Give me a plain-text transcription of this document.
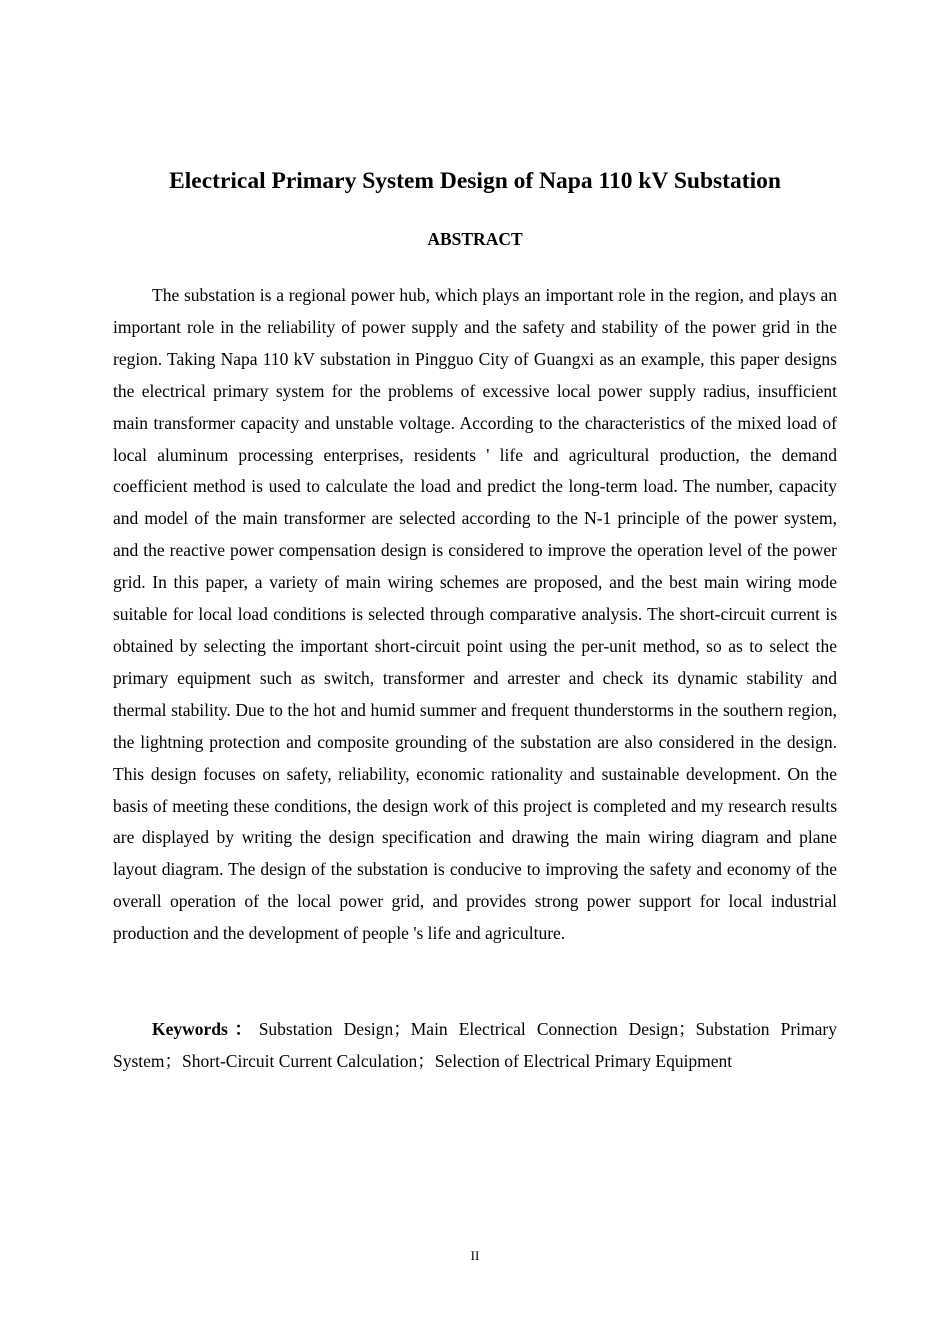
Electrical Primary System Design of Napa 110 kV Substation
ABSTRACT

The substation is a regional power hub, which plays an important role in the region, and plays an important role in the reliability of power supply and the safety and stability of the power grid in the region. Taking Napa 110 kV substation in Pingguo City of Guangxi as an example, this paper designs the electrical primary system for the problems of excessive local power supply radius, insufficient main transformer capacity and unstable voltage. According to the characteristics of the mixed load of local aluminum processing enterprises, residents ' life and agricultural production, the demand coefficient method is used to calculate the load and predict the long-term load. The number, capacity and model of the main transformer are selected according to the N-1 principle of the power system, and the reactive power compensation design is considered to improve the operation level of the power grid. In this paper, a variety of main wiring schemes are proposed, and the best main wiring mode suitable for local load conditions is selected through comparative analysis. The short-circuit current is obtained by selecting the important short-circuit point using the per-unit method, so as to select the primary equipment such as switch, transformer and arrester and check its dynamic stability and thermal stability. Due to the hot and humid summer and frequent thunderstorms in the southern region, the lightning protection and composite grounding of the substation are also considered in the design. This design focuses on safety, reliability, economic rationality and sustainable development. On the basis of meeting these conditions, the design work of this project is completed and my research results are displayed by writing the design specification and drawing the main wiring diagram and plane layout diagram. The design of the substation is conducive to improving the safety and economy of the overall operation of the local power grid, and provides strong power support for local industrial production and the development of people 's life and agriculture.

Keywords：Substation Design；Main Electrical Connection Design；Substation Primary System；Short-Circuit Current Calculation；Selection of Electrical Primary Equipment

II
